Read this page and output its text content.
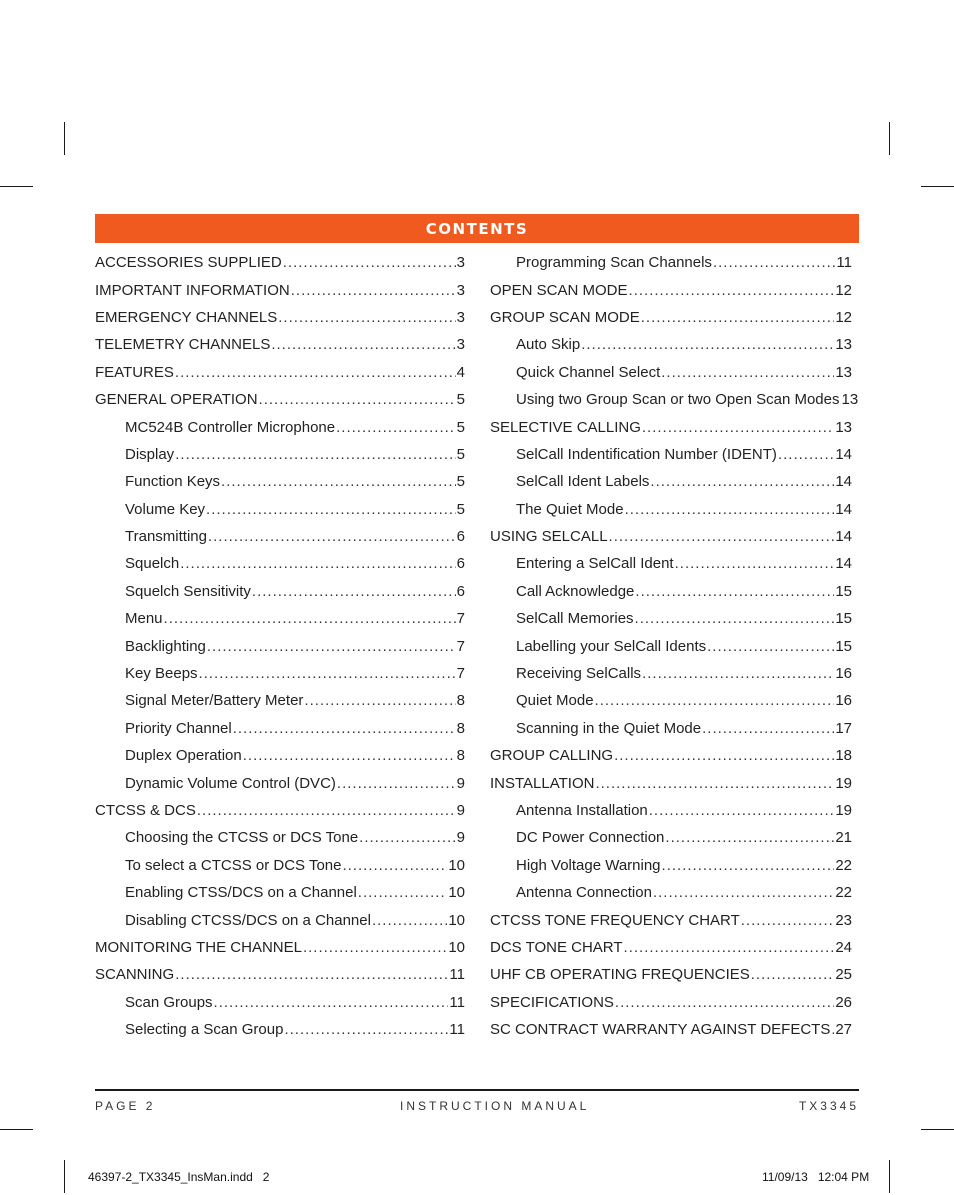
CONTENTS
ACCESSORIES SUPPLIED .....	3
IMPORTANT INFORMATION .....	3
EMERGENCY CHANNELS .....	3
TELEMETRY CHANNELS .....	3
FEATURES .....	4
GENERAL OPERATION .....	5
MC524B Controller Microphone .....	5
Display .....	5
Function Keys .....	5
Volume Key .....	5
Transmitting .....	6
Squelch .....	6
Squelch Sensitivity .....	6
Menu .....	7
Backlighting .....	7
Key Beeps .....	7
Signal Meter/Battery Meter .....	8
Priority Channel .....	8
Duplex Operation .....	8
Dynamic Volume Control (DVC) .....	9
CTCSS & DCS .....	9
Choosing the CTCSS or DCS Tone .....	9
To select a CTCSS or DCS Tone .....	10
Enabling CTSS/DCS on a Channel .....	10
Disabling CTCSS/DCS on a Channel .....	10
MONITORING THE CHANNEL .....	10
SCANNING .....	11
Scan Groups .....	11
Selecting a Scan Group .....	11
Programming Scan Channels .....	11
OPEN SCAN MODE .....	12
GROUP SCAN MODE .....	12
Auto Skip .....	13
Quick Channel Select .....	13
Using two Group Scan or two Open Scan Modes 13
SELECTIVE CALLING .....	13
SelCall Indentification Number (IDENT) .....	14
SelCall Ident Labels .....	14
The Quiet Mode .....	14
USING SELCALL .....	14
Entering a SelCall Ident .....	14
Call Acknowledge .....	15
SelCall Memories .....	15
Labelling your SelCall Idents .....	15
Receiving SelCalls .....	16
Quiet Mode .....	16
Scanning in the Quiet Mode .....	17
GROUP CALLING .....	18
INSTALLATION .....	19
Antenna Installation .....	19
DC Power Connection .....	21
High Voltage Warning .....	22
Antenna Connection .....	22
CTCSS TONE FREQUENCY CHART .....	23
DCS TONE CHART .....	24
UHF CB OPERATING FREQUENCIES .....	25
SPECIFICATIONS .....	26
SC CONTRACT WARRANTY AGAINST DEFECTS ..... 27
PAGE 2	INSTRUCTION MANUAL	TX3345
46397-2_TX3345_InsMan.indd   2	11/09/13   12:04 PM
